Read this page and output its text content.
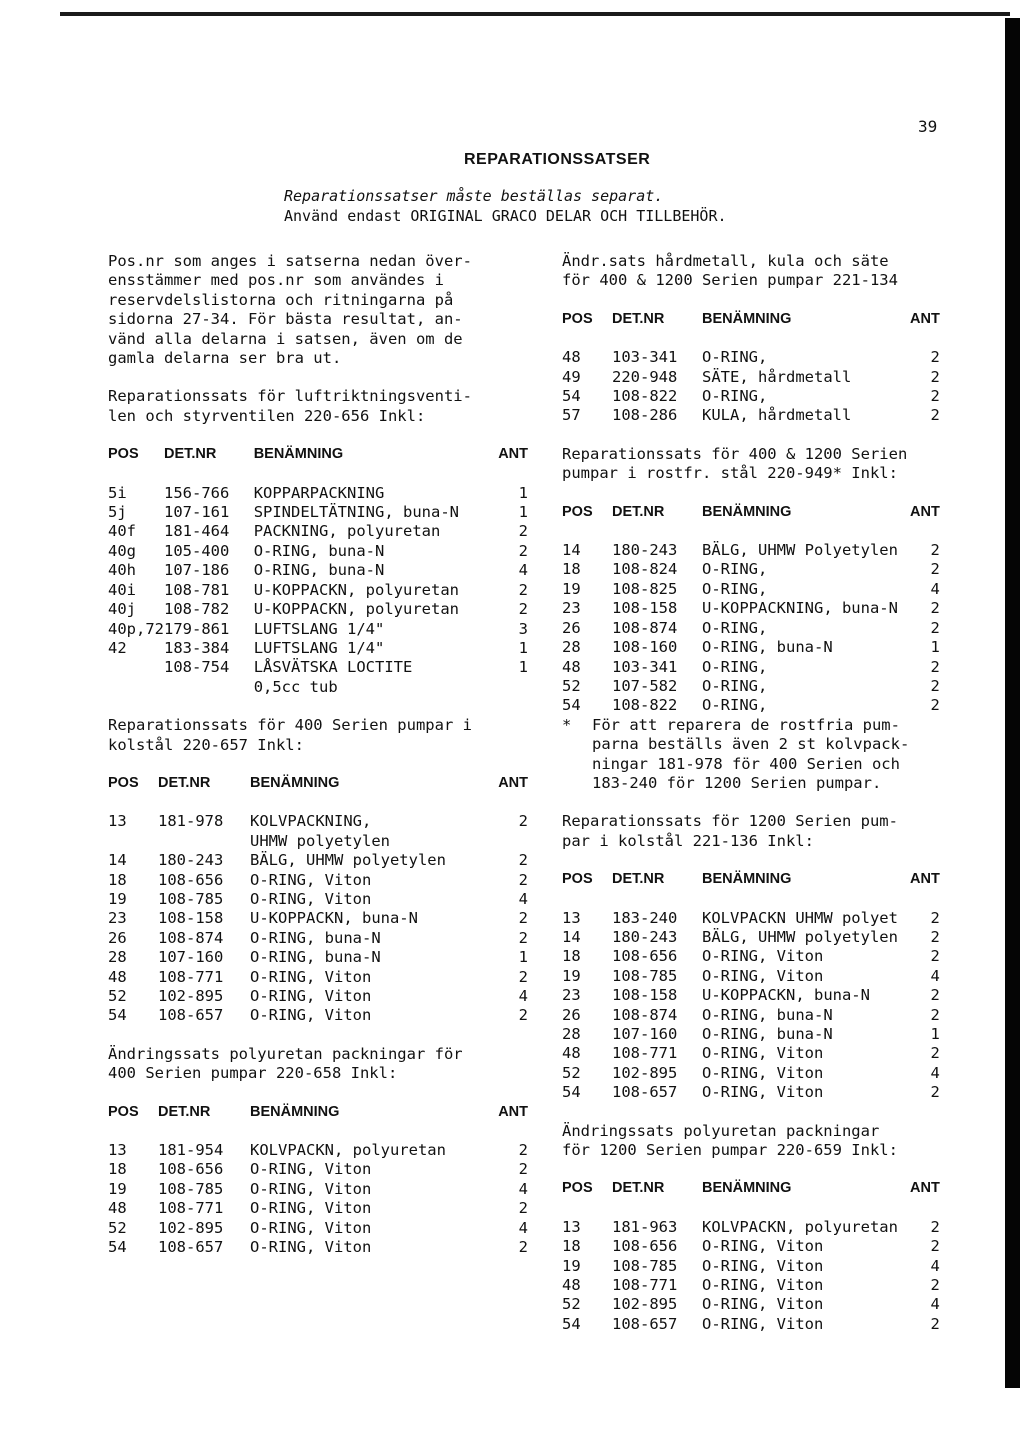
39
REPARATIONSSATSER
Reparationssatser måste beställas separat.
Använd endast ORIGINAL GRACO DELAR OCH TILLBEHÖR.
Pos.nr som anges i satserna nedan över-
ensstämmer med pos.nr som användes i
reservdelslistorna och ritningarna på
sidorna 27-34. För bästa resultat, an-
vänd alla delarna i satsen, även om de
gamla delarna ser bra ut.
Reparationssats för luftriktningsventi-
len och styrventilen 220-656 Inkl:
POS	DET.NR	BENÄMNING	ANT
5i	156-766	KOPPARPACKNING	1
5j	107-161	SPINDELTÄTNING, buna-N	1
40f	181-464	PACKNING, polyuretan	2
40g	105-400	O-RING, buna-N	2
40h	107-186	O-RING, buna-N	4
40i	108-781	U-KOPPACKN, polyuretan	2
40j	108-782	U-KOPPACKN, polyuretan	2
40p,72	179-861	LUFTSLANG 1/4"	3
42	183-384	LUFTSLANG 1/4"	1
	108-754	LÅSVÄTSKA LOCTITE
0,5cc tub	1
Reparationssats för 400 Serien pumpar i
kolstål 220-657 Inkl:
POS	DET.NR	BENÄMNING	ANT
13	181-978	KOLVPACKNING,
UHMW polyetylen	2
14	180-243	BÄLG, UHMW polyetylen	2
18	108-656	O-RING, Viton	2
19	108-785	O-RING, Viton	4
23	108-158	U-KOPPACKN, buna-N	2
26	108-874	O-RING, buna-N	2
28	107-160	O-RING, buna-N	1
48	108-771	O-RING, Viton	2
52	102-895	O-RING, Viton	4
54	108-657	O-RING, Viton	2
Ändringssats polyuretan packningar för
400 Serien pumpar 220-658 Inkl:
POS	DET.NR	BENÄMNING	ANT
13	181-954	KOLVPACKN, polyuretan	2
18	108-656	O-RING, Viton	2
19	108-785	O-RING, Viton	4
48	108-771	O-RING, Viton	2
52	102-895	O-RING, Viton	4
54	108-657	O-RING, Viton	2
Ändr.sats hårdmetall, kula och säte
för 400 & 1200 Serien pumpar 221-134
POS	DET.NR	BENÄMNING	ANT
48	103-341	O-RING,	2
49	220-948	SÄTE, hårdmetall	2
54	108-822	O-RING,	2
57	108-286	KULA, hårdmetall	2
Reparationssats för 400 & 1200 Serien
pumpar i rostfr. stål 220-949* Inkl:
POS	DET.NR	BENÄMNING	ANT
14	180-243	BÄLG, UHMW Polyetylen	2
18	108-824	O-RING,	2
19	108-825	O-RING,	4
23	108-158	U-KOPPACKNING, buna-N	2
26	108-874	O-RING,	2
28	108-160	O-RING, buna-N	1
48	103-341	O-RING,	2
52	107-582	O-RING,	2
54	108-822	O-RING,	2
*	För att reparera de rostfria pum-
parna beställs även 2 st kolvpack-
ningar 181-978 för 400 Serien och
183-240 för 1200 Serien pumpar.
Reparationssats för 1200 Serien pum-
par i kolstål 221-136 Inkl:
POS	DET.NR	BENÄMNING	ANT
13	183-240	KOLVPACKN UHMW polyet	2
14	180-243	BÄLG, UHMW polyetylen	2
18	108-656	O-RING, Viton	2
19	108-785	O-RING, Viton	4
23	108-158	U-KOPPACKN, buna-N	2
26	108-874	O-RING, buna-N	2
28	107-160	O-RING, buna-N	1
48	108-771	O-RING, Viton	2
52	102-895	O-RING, Viton	4
54	108-657	O-RING, Viton	2
Ändringssats polyuretan packningar
för 1200 Serien pumpar 220-659 Inkl:
POS	DET.NR	BENÄMNING	ANT
13	181-963	KOLVPACKN, polyuretan	2
18	108-656	O-RING, Viton	2
19	108-785	O-RING, Viton	4
48	108-771	O-RING, Viton	2
52	102-895	O-RING, Viton	4
54	108-657	O-RING, Viton	2
